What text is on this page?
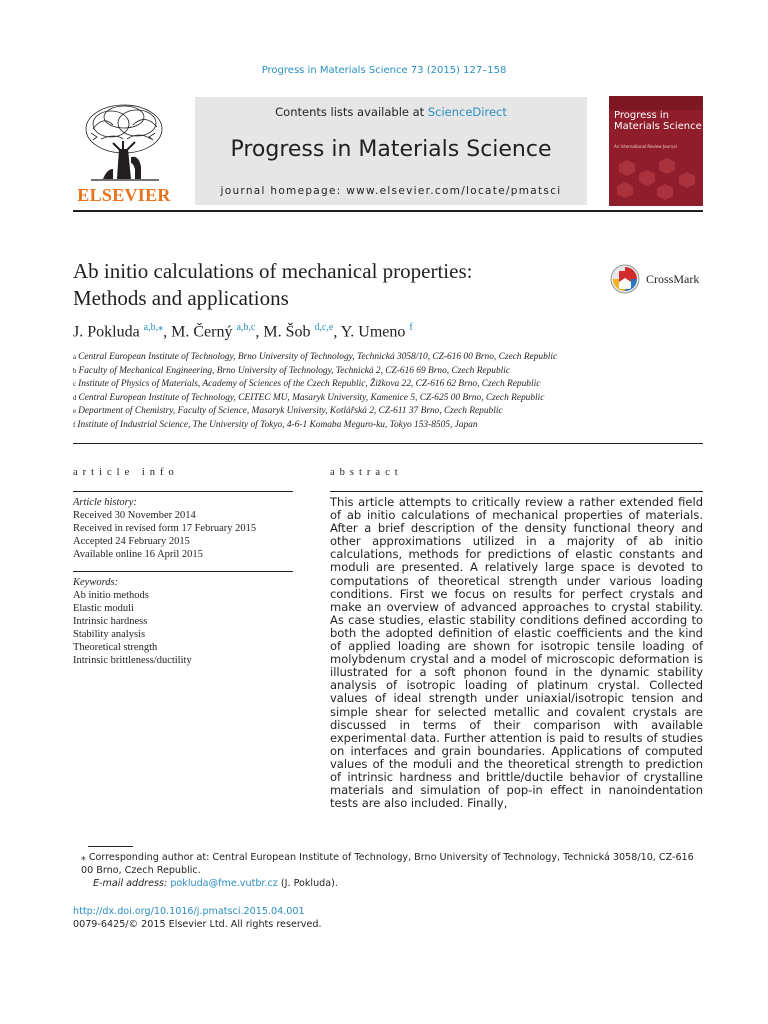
Progress in Materials Science 73 (2015) 127–158
ELSEVIER
Contents lists available at ScienceDirect
Progress in Materials Science
journal homepage: www.elsevier.com/locate/pmatsci
Progress in
Materials Science
An International Review Journal
Ab initio calculations of mechanical properties:
Methods and applications
CrossMark
J. Pokluda $^{a,b,⁎}$, M. Černý $^{a,b,c}$, M. Šob $^{d,c,e}$, Y. Umeno $^f$
$^a$ Central European Institute of Technology, Brno University of Technology, Technická 3058/10, CZ-616 00 Brno, Czech Republic
$^b$ Faculty of Mechanical Engineering, Brno University of Technology, Technická 2, CZ-616 69 Brno, Czech Republic
$^c$ Institute of Physics of Materials, Academy of Sciences of the Czech Republic, Žižkova 22, CZ-616 62 Brno, Czech Republic
$^d$ Central European Institute of Technology, CEITEC MU, Masaryk University, Kamenice 5, CZ-625 00 Brno, Czech Republic
$^e$ Department of Chemistry, Faculty of Science, Masaryk University, Kotlářská 2, CZ-611 37 Brno, Czech Republic
$^f$ Institute of Industrial Science, The University of Tokyo, 4-6-1 Komaba Meguro-ku, Tokyo 153-8505, Japan
article info	abstract
Article history:
Received 30 November 2014
Received in revised form 17 February 2015
Accepted 24 February 2015
Available online 16 April 2015
Keywords:
Ab initio methods
Elastic moduli
Intrinsic hardness
Stability analysis
Theoretical strength
Intrinsic brittleness/ductility
This article attempts to critically review a rather extended field of ab initio calculations of mechanical properties of materials. After a brief description of the density functional theory and other approximations utilized in a majority of ab initio calculations, methods for predictions of elastic constants and moduli are presented. A relatively large space is devoted to computations of theoretical strength under various loading conditions. First we focus on results for perfect crystals and make an overview of advanced approaches to crystal stability. As case studies, elastic stability conditions defined according to both the adopted definition of elastic coefficients and the kind of applied loading are shown for isotropic tensile loading of molybdenum crystal and a model of microscopic deformation is illustrated for a soft phonon found in the dynamic stability analysis of isotropic loading of platinum crystal. Collected values of ideal strength under uniaxial/isotropic tension and simple shear for selected metallic and covalent crystals are discussed in terms of their comparison with available experimental data. Further attention is paid to results of studies on interfaces and grain boundaries. Applications of computed values of the moduli and the theoretical strength to prediction of intrinsic hardness and brittle/ductile behavior of crystalline materials and simulation of pop-in effect in nanoindentation tests are also included. Finally,
⁎ Corresponding author at: Central European Institute of Technology, Brno University of Technology, Technická 3058/10, CZ-616 00 Brno, Czech Republic.
E-mail address: pokluda@fme.vutbr.cz (J. Pokluda).
http://dx.doi.org/10.1016/j.pmatsci.2015.04.001
0079-6425/© 2015 Elsevier Ltd. All rights reserved.
